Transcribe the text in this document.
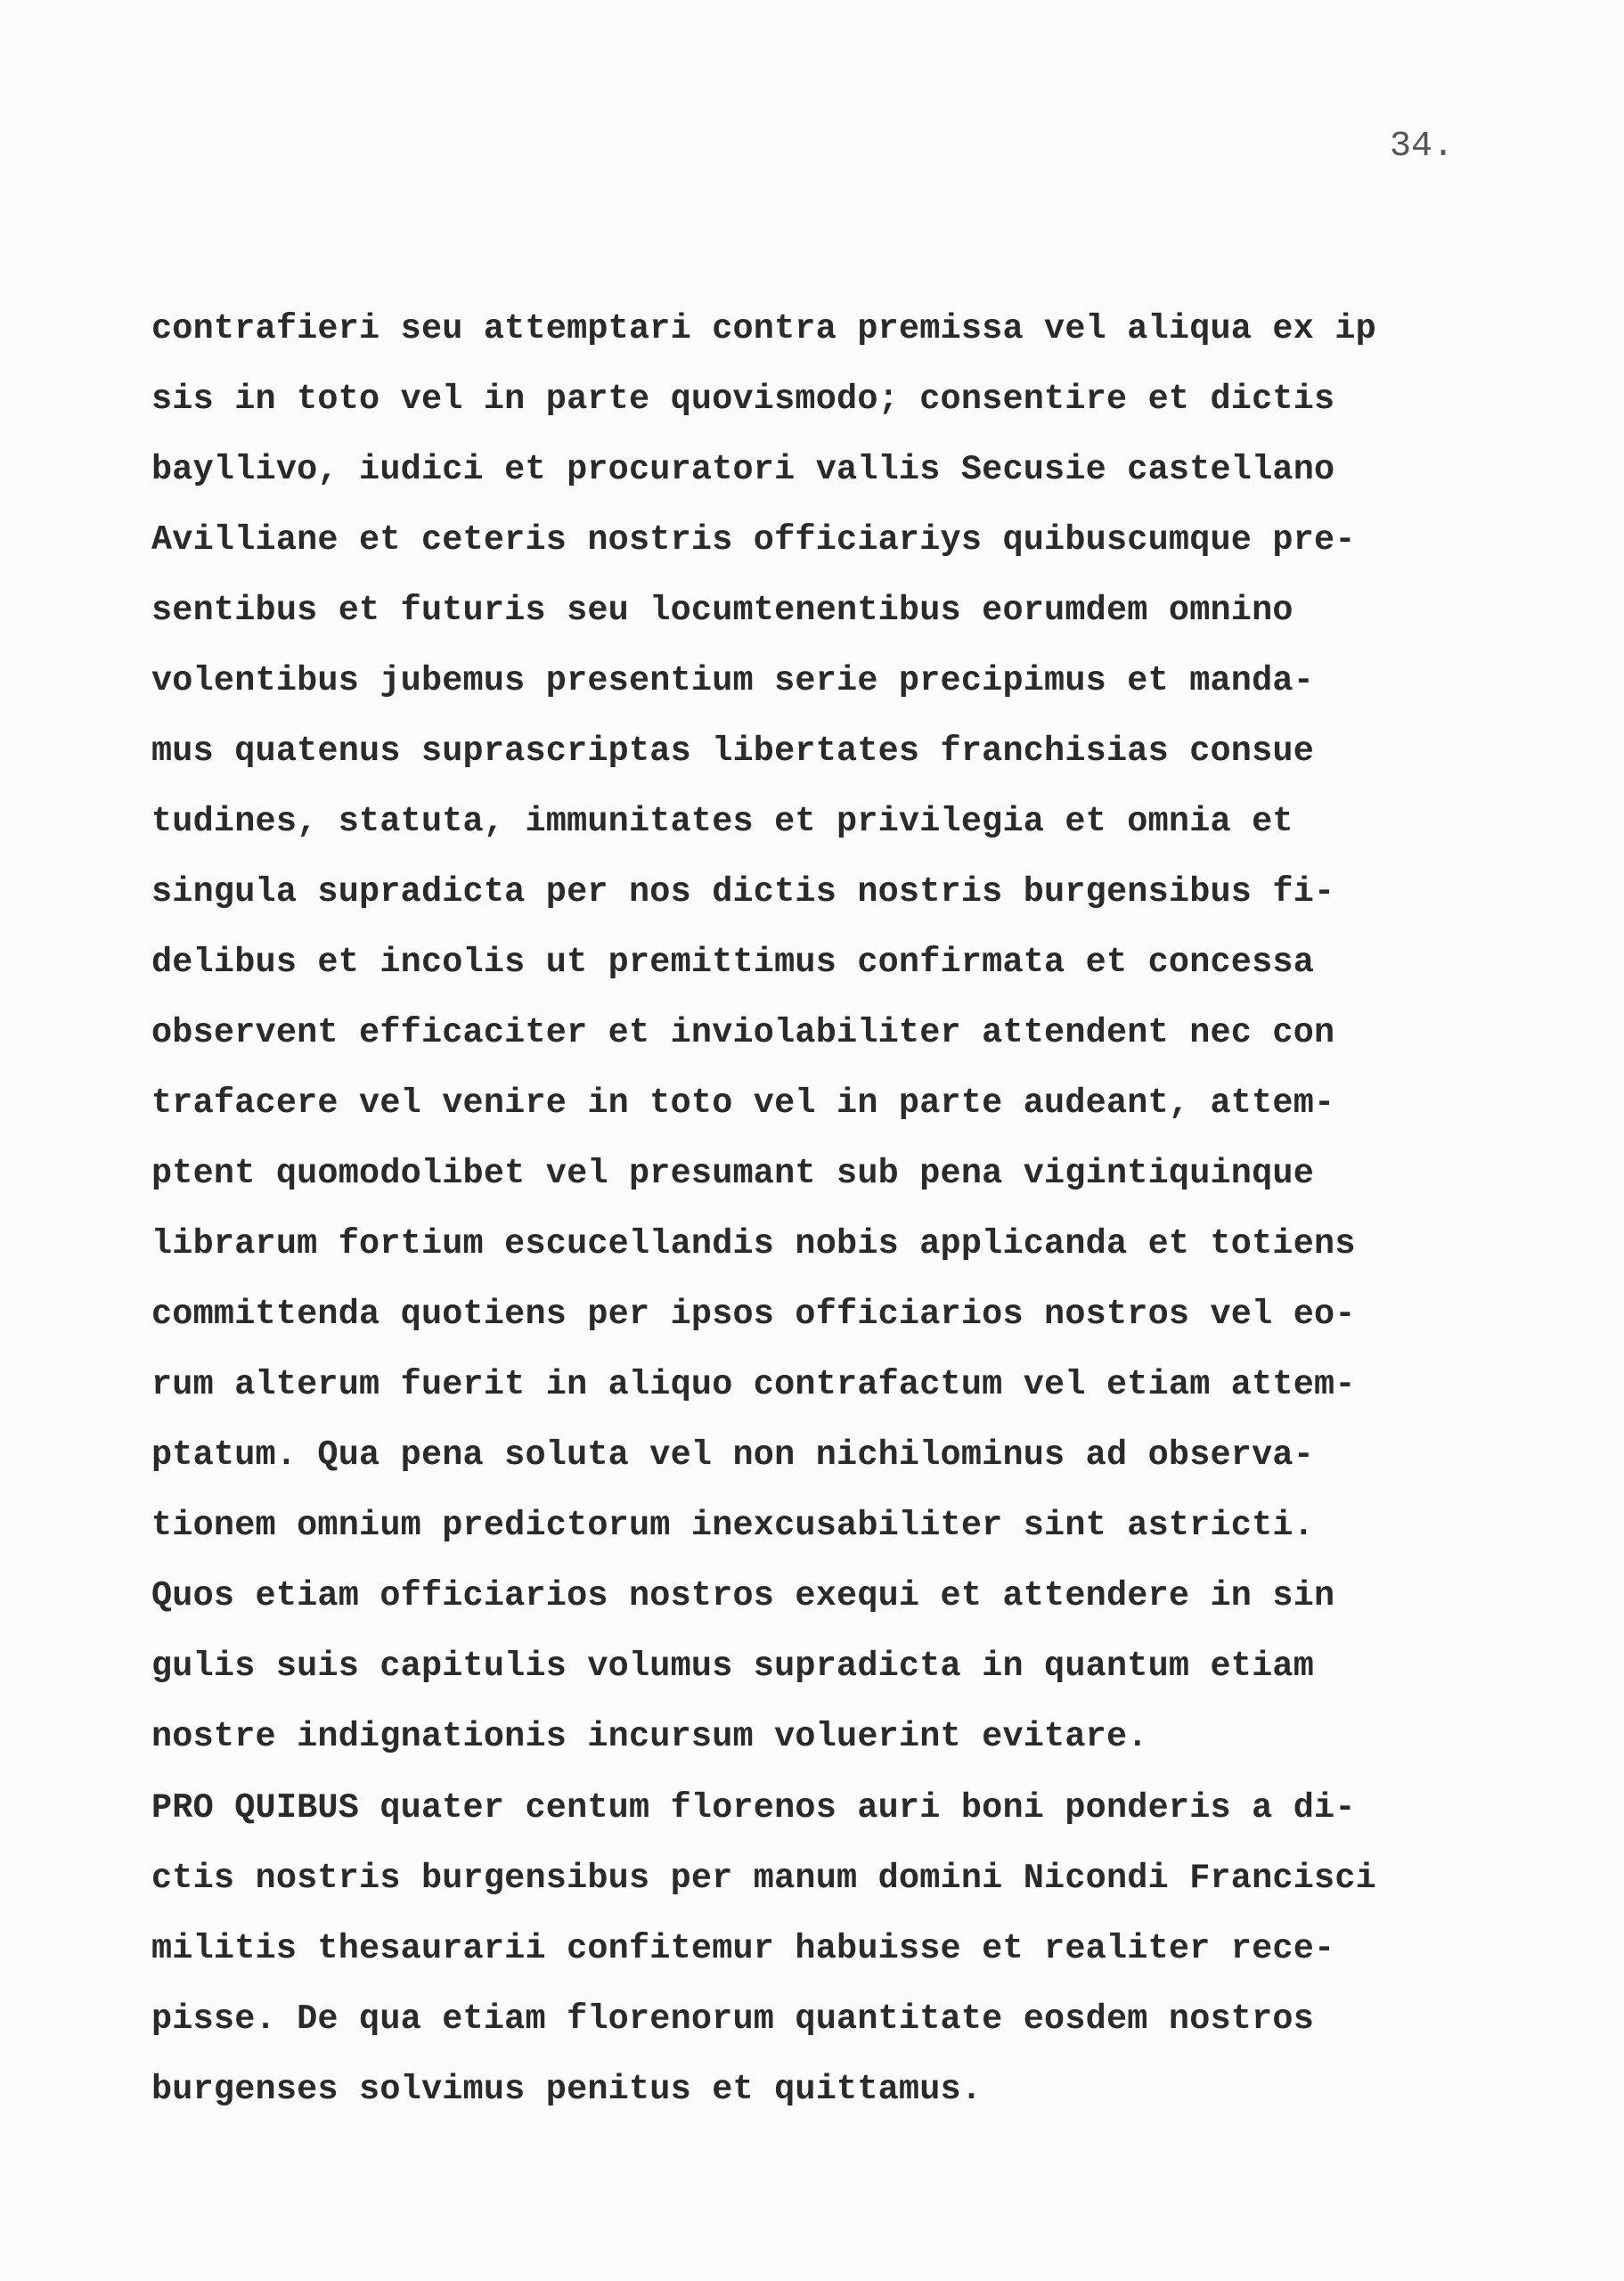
34.
contrafieri seu attemptari contra premissa vel aliqua ex ip
sis in toto vel in parte quovismodo; consentire et dictis
bayllivo, iudici et procuratori vallis Secusie castellano
Avilliane et ceteris nostris officiariys quibuscumque pre-
sentibus et futuris seu locumtenentibus eorumdem omnino
volentibus jubemus presentium serie precipimus et manda-
mus quatenus suprascriptas libertates franchisias consue
tudines, statuta, immunitates et privilegia et omnia et
singula supradicta per nos dictis nostris burgensibus fi-
delibus et incolis ut premittimus confirmata et concessa
observent efficaciter et inviolabiliter attendent nec con
trafacere vel venire in toto vel in parte audeant, attem-
ptent quomodolibet vel presumant sub pena vigintiquinque
librarum fortium escucellandis nobis applicanda et totiens
committenda quotiens per ipsos officiarios nostros vel eo-
rum alterum fuerit in aliquo contrafactum vel etiam attem-
ptatum. Qua pena soluta vel non nichilominus ad observa-
tionem omnium predictorum inexcusabiliter sint astricti.
Quos etiam officiarios nostros exequi et attendere in sin
gulis suis capitulis volumus supradicta in quantum etiam
nostre indignationis incursum voluerint evitare.
PRO QUIBUS quater centum florenos auri boni ponderis a di-
ctis nostris burgensibus per manum domini Nicondi Francisci
militis thesaurarii confitemur habuisse et realiter rece-
pisse. De qua etiam florenorum quantitate eosdem nostros
burgenses solvimus penitus et quittamus.
